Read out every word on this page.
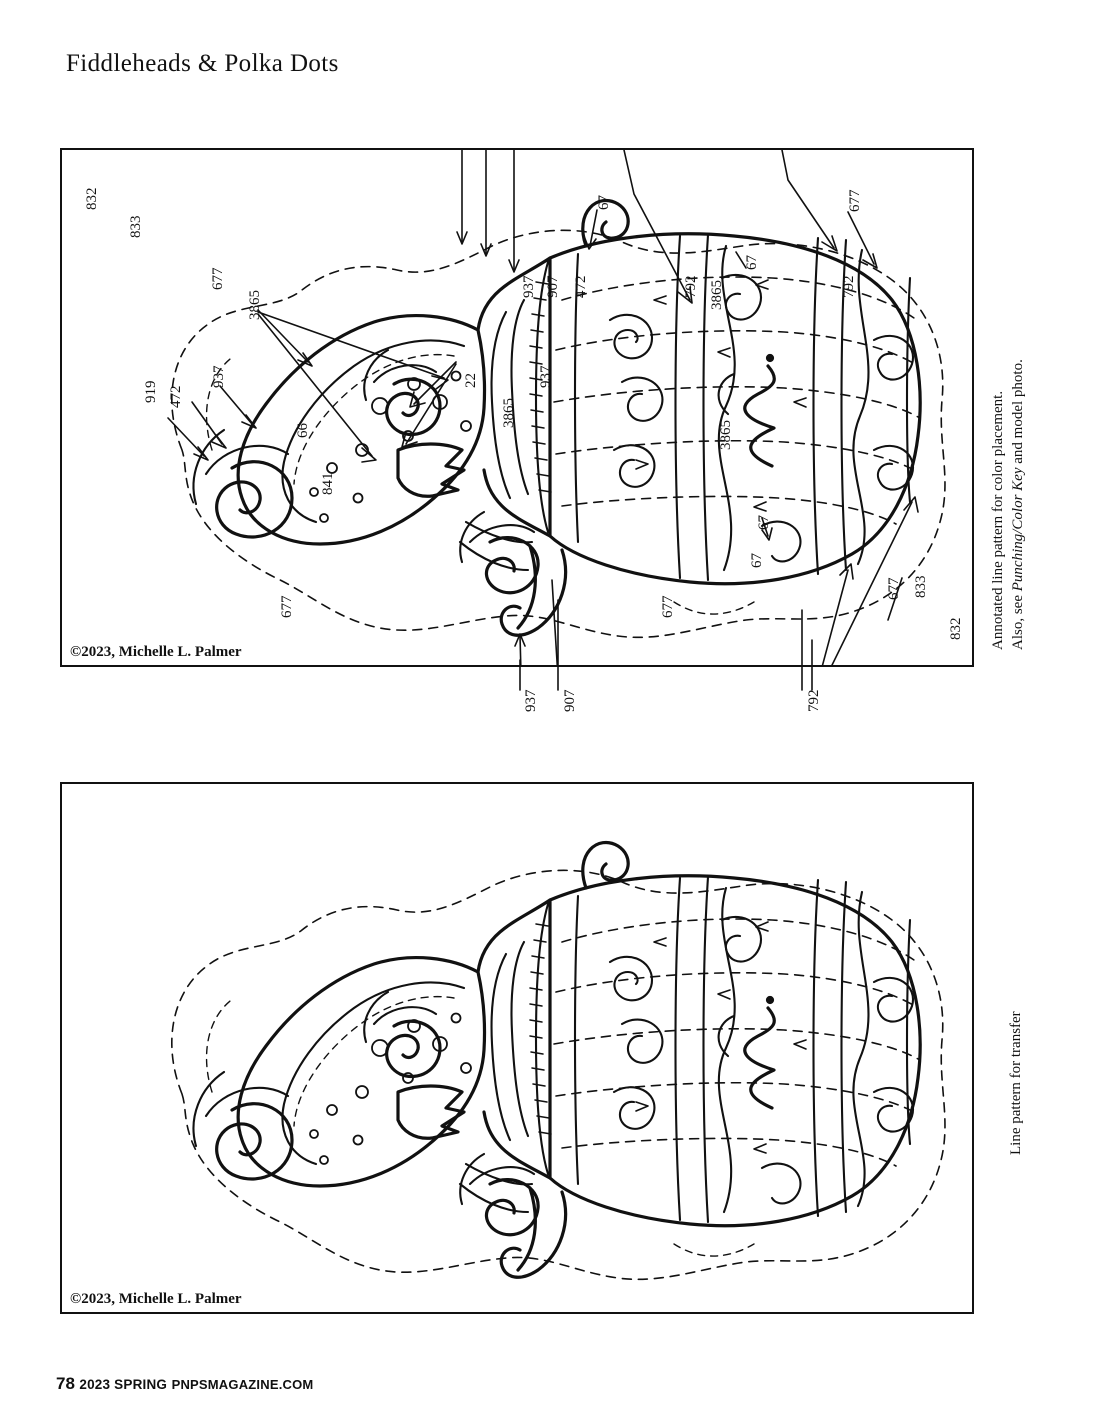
Fiddleheads & Polka Dots
937 907 472	792	792
832
833
677
3865
919 472
937
66
841
22
3865
937
67
3865
67
3865
67
67
677
677 833
832
677	677
©2023, Michelle L. Palmer
937 907	792
©2023, Michelle L. Palmer
Annotated line pattern for color placement. Also, see Punching/Color Key and model photo.
Line pattern for transfer
78 2023 SPRING PNPSMAGAZINE.COM
